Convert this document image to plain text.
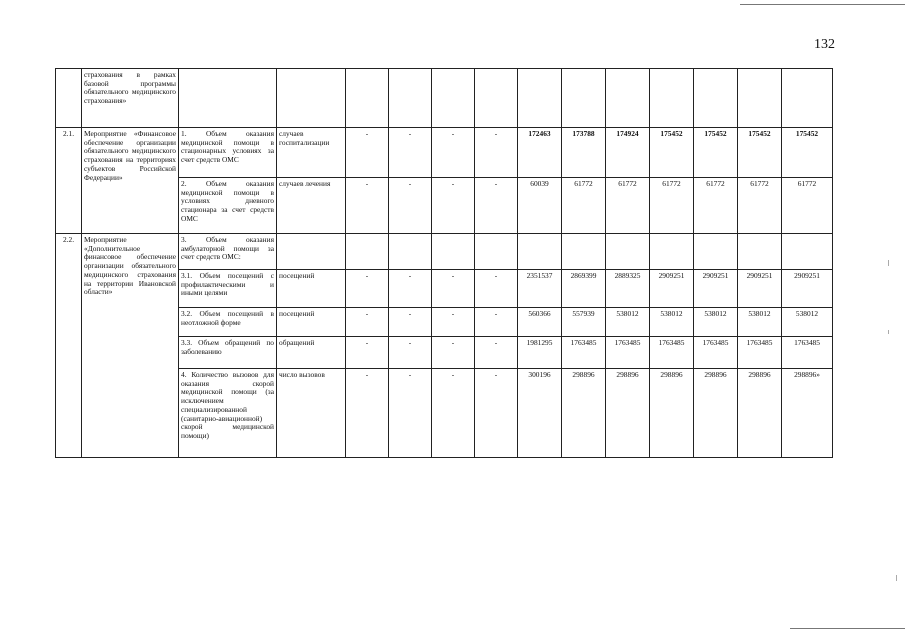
132
	страхования в рамках базовой программы обязательного медицинского страхования»													
2.1.	Мероприятие «Финансовое обеспечение организации обязательного медицинского страхования на территориях субъектов Российской Федерации»	1. Объем оказания медицинской помощи в стационарных условиях за счет средств ОМС	случаев госпитализации	-	-	-	-	172463	173788	174924	175452	175452	175452	175452
		2. Объем оказания медицинской помощи в условиях дневного стационара за счет средств ОМС	случаев лечения	-	-	-	-	60039	61772	61772	61772	61772	61772	61772
2.2.	Мероприятие «Дополнительное финансовое обеспечение организации обязательного медицинского страхования на территории Ивановской области»	3. Объем оказания амбулаторной помощи за счет средств ОМС:												
		3.1. Объем посещений с профилактическими и иными целями	посещений	-	-	-	-	2351537	2869399	2889325	2909251	2909251	2909251	2909251
		3.2. Объем посещений в неотложной форме	посещений	-	-	-	-	560366	557939	538012	538012	538012	538012	538012
		3.3. Объем обращений по заболеванию	обращений	-	-	-	-	1981295	1763485	1763485	1763485	1763485	1763485	1763485
		4. Количество вызовов для оказания скорой медицинской помощи (за исключением специализированной (санитарно-авиационной) скорой медицинской помощи)	число вызовов	-	-	-	-	300196	298896	298896	298896	298896	298896	298896»
